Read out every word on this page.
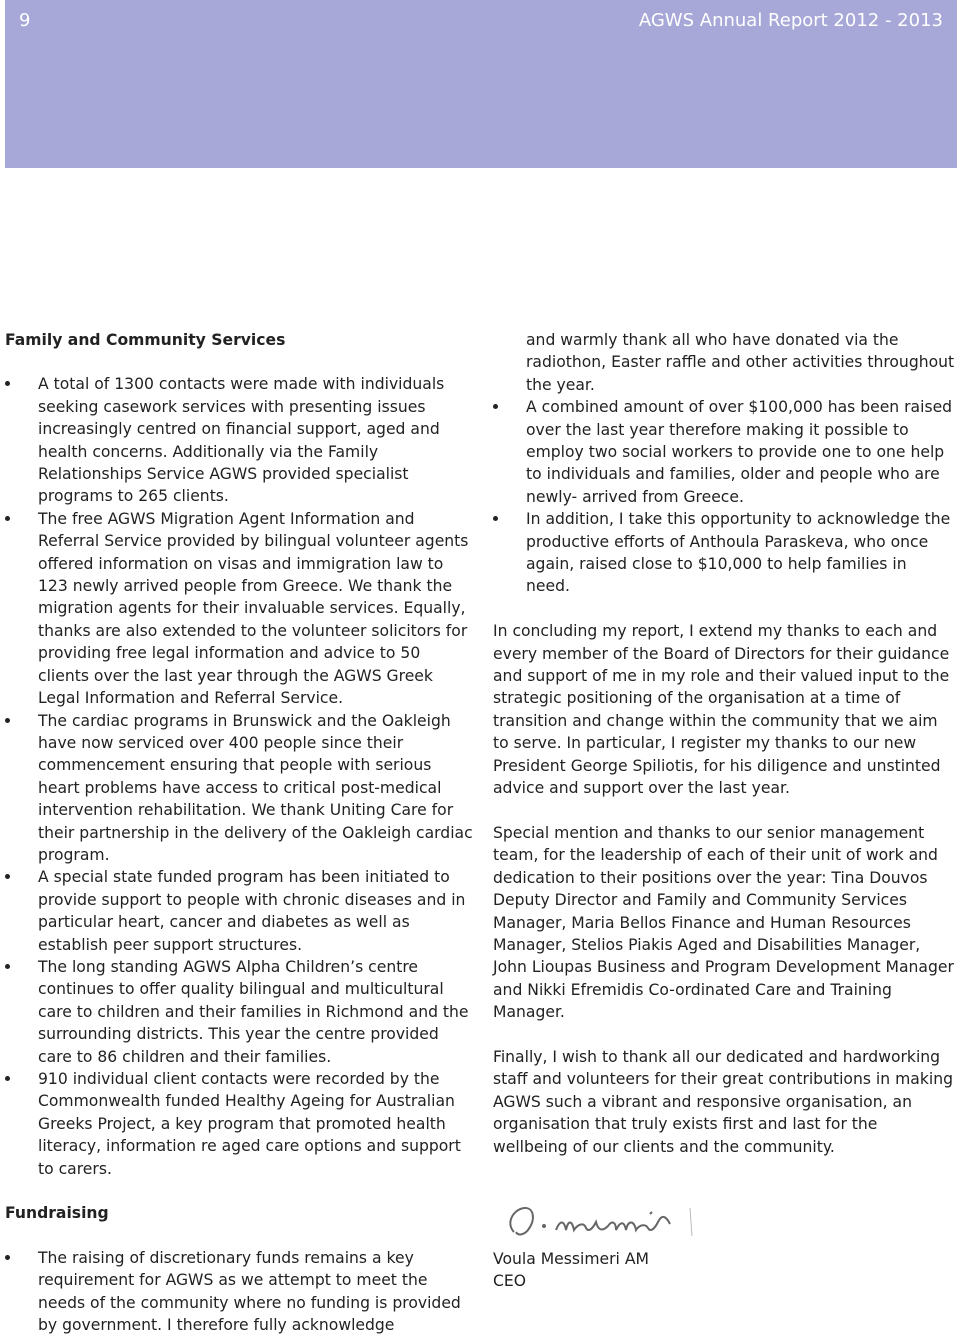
9	AGWS Annual Report 2012 - 2013

Family and Community Services

A total of 1300 contacts were made with individuals seeking casework services with presenting issues increasingly centred on financial support, aged and health concerns. Additionally via the Family Relationships Service AGWS provided specialist programs to 265 clients.
The free AGWS Migration Agent Information and Referral Service provided by bilingual volunteer agents offered information on visas and immigration law to 123 newly arrived people from Greece. We thank the migration agents for their invaluable services. Equally, thanks are also extended to the volunteer solicitors for providing free legal information and advice to 50 clients over the last year through the AGWS Greek Legal Information and Referral Service.
The cardiac programs in Brunswick and the Oakleigh have now serviced over 400 people since their commencement ensuring that people with serious heart problems have access to critical post-medical intervention rehabilitation. We thank Uniting Care for their partnership in the delivery of the Oakleigh cardiac program.
A special state funded program has been initiated to provide support to people with chronic diseases and in particular heart, cancer and diabetes as well as establish peer support structures.
The long standing AGWS Alpha Children’s centre continues to offer quality bilingual and multicultural care to children and their families in Richmond and the surrounding districts. This year the centre provided care to 86 children and their families.
910 individual client contacts were recorded by the Commonwealth funded Healthy Ageing for Australian Greeks Project, a key program that promoted health literacy, information re aged care options and support to carers.
Fundraising
The raising of discretionary funds remains a key requirement for AGWS as we attempt to meet the needs of the community where no funding is provided by government. I therefore fully acknowledge
and warmly thank all who have donated via the radiothon, Easter raffle and other activities throughout the year.
A combined amount of over $100,000 has been raised over the last year therefore making it possible to employ two social workers to provide one to one help to individuals and families, older and people who are newly- arrived from Greece.
In addition, I take this opportunity to acknowledge the productive efforts of Anthoula Paraskeva, who once again, raised close to $10,000 to help families in need.

In concluding my report, I extend my thanks to each and every member of the Board of Directors for their guidance and support of me in my role and their valued input to the strategic positioning of the organisation at a time of transition and change within the community that we aim to serve. In particular, I register my thanks to our new President George Spiliotis, for his diligence and unstinted advice and support over the last year.

Special mention and thanks to our senior management team, for the leadership of each of their unit of work and dedication to their positions over the year: Tina Douvos Deputy Director and Family and Community Services Manager, Maria Bellos Finance and Human Resources Manager, Stelios Piakis Aged and Disabilities Manager, John Lioupas Business and Program Development Manager and Nikki Efremidis Co-ordinated Care and Training Manager.

Finally, I wish to thank all our dedicated and hardworking staff and volunteers for their great contributions in making AGWS such a vibrant and responsive organisation, an organisation that truly exists first and last for the wellbeing of our clients and the community.

Voula Messimeri AM
CEO
